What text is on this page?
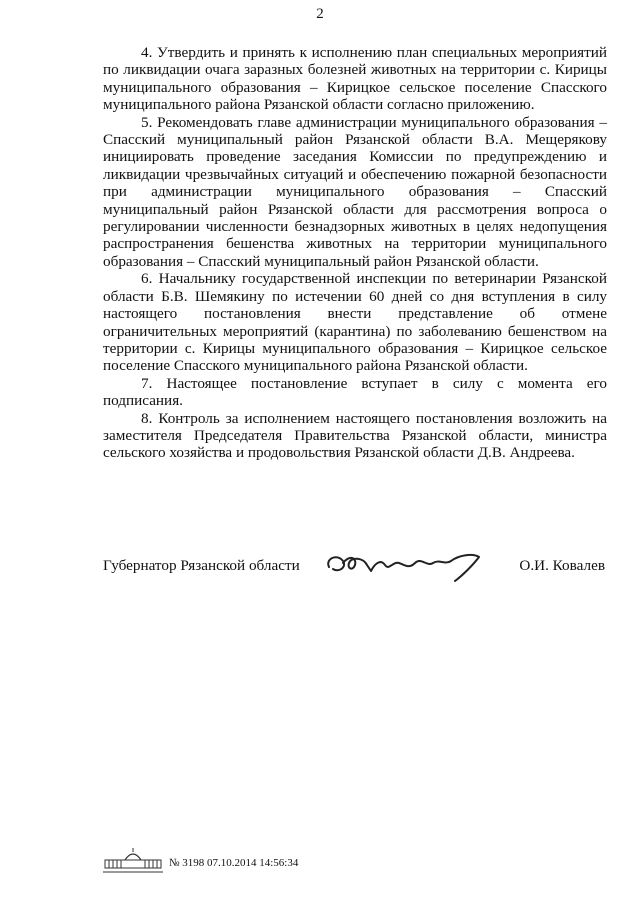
2

4. Утвердить и принять к исполнению план специальных мероприятий по ликвидации очага заразных болезней животных на территории с. Кирицы муниципального образования – Кирицкое сельское поселение Спасского муниципального района Рязанской области согласно приложению.

5. Рекомендовать главе администрации муниципального образования – Спасский муниципальный район Рязанской области В.А. Мещерякову инициировать проведение заседания Комиссии по предупреждению и ликвидации чрезвычайных ситуаций и обеспечению пожарной безопасности при администрации муниципального образования – Спасский муниципальный район Рязанской области для рассмотрения вопроса о регулировании численности безнадзорных животных в целях недопущения распространения бешенства животных на территории муниципального образования – Спасский муниципальный район Рязанской области.

6. Начальнику государственной инспекции по ветеринарии Рязанской области Б.В. Шемякину по истечении 60 дней со дня вступления в силу настоящего постановления внести представление об отмене ограничительных мероприятий (карантина) по заболеванию бешенством на территории с. Кирицы муниципального образования – Кирицкое сельское поселение Спасского муниципального района Рязанской области.

7. Настоящее постановление вступает в силу с момента его подписания.

8. Контроль за исполнением настоящего постановления возложить на заместителя Председателя Правительства Рязанской области, министра сельского хозяйства и продовольствия Рязанской области Д.В. Андреева.

Губернатор Рязанской области	О.И. Ковалев
№ 3198 07.10.2014 14:56:34
